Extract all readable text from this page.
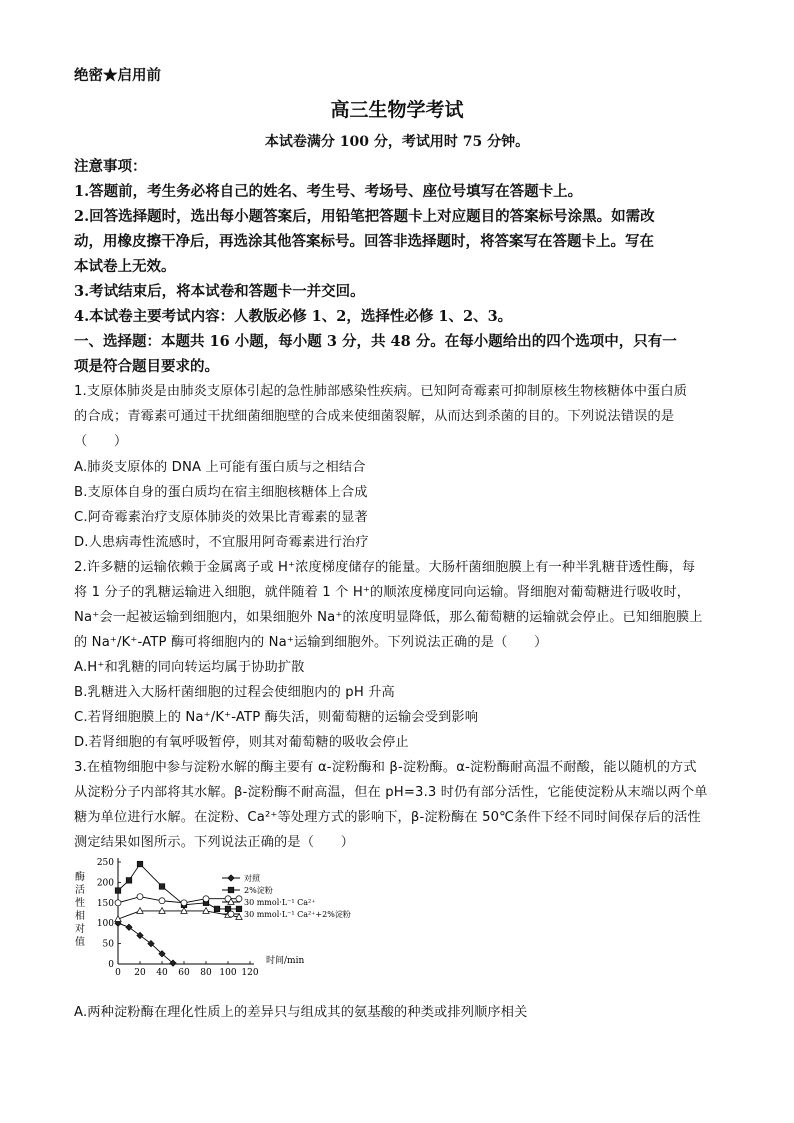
绝密★启用前
高三生物学考试
本试卷满分 100 分，考试用时 75 分钟。
注意事项：
1.答题前，考生务必将自己的姓名、考生号、考场号、座位号填写在答题卡上。
2.回答选择题时，选出每小题答案后，用铅笔把答题卡上对应题目的答案标号涂黑。如需改
动，用橡皮擦干净后，再选涂其他答案标号。回答非选择题时，将答案写在答题卡上。写在
本试卷上无效。
3.考试结束后，将本试卷和答题卡一并交回。
4.本试卷主要考试内容：人教版必修 1、2，选择性必修 1、2、3。
一、选择题：本题共 16 小题，每小题 3 分，共 48 分。在每小题给出的四个选项中，只有一
项是符合题目要求的。
1.支原体肺炎是由肺炎支原体引起的急性肺部感染性疾病。已知阿奇霉素可抑制原核生物核糖体中蛋白质
的合成；青霉素可通过干扰细菌细胞壁的合成来使细菌裂解，从而达到杀菌的目的。下列说法错误的是
（　　）
A.肺炎支原体的 DNA 上可能有蛋白质与之相结合
B.支原体自身的蛋白质均在宿主细胞核糖体上合成
C.阿奇霉素治疗支原体肺炎的效果比青霉素的显著
D.人患病毒性流感时，不宜服用阿奇霉素进行治疗
2.许多糖的运输依赖于金属离子或 H⁺浓度梯度储存的能量。大肠杆菌细胞膜上有一种半乳糖苷透性酶，每
将 1 分子的乳糖运输进入细胞，就伴随着 1 个 H⁺的顺浓度梯度同向运输。肾细胞对葡萄糖进行吸收时，
Na⁺会一起被运输到细胞内，如果细胞外 Na⁺的浓度明显降低，那么葡萄糖的运输就会停止。已知细胞膜上
的 Na⁺/K⁺-ATP 酶可将细胞内的 Na⁺运输到细胞外。下列说法正确的是（　　）
A.H⁺和乳糖的同向转运均属于协助扩散
B.乳糖进入大肠杆菌细胞的过程会使细胞内的 pH 升高
C.若肾细胞膜上的 Na⁺/K⁺-ATP 酶失活，则葡萄糖的运输会受到影响
D.若肾细胞的有氧呼吸暂停，则其对葡萄糖的吸收会停止
3.在植物细胞中参与淀粉水解的酶主要有 α-淀粉酶和 β-淀粉酶。α-淀粉酶耐高温不耐酸，能以随机的方式
从淀粉分子内部将其水解。β-淀粉酶不耐高温，但在 pH=3.3 时仍有部分活性，它能使淀粉从末端以两个单
糖为单位进行水解。在淀粉、Ca²⁺等处理方式的影响下，β-淀粉酶在 50℃条件下经不同时间保存后的活性
测定结果如图所示。下列说法正确的是（　　）
0
50
100
150
200
250
0 20 40 60 80 100 120
对照
2%淀粉
30 mmol·L⁻¹ Ca²⁺
30 mmol·L⁻¹ Ca²⁺+2%淀粉
酶
活
性
相
对
值
时间/min
A.两种淀粉酶在理化性质上的差异只与组成其的氨基酸的种类或排列顺序相关
